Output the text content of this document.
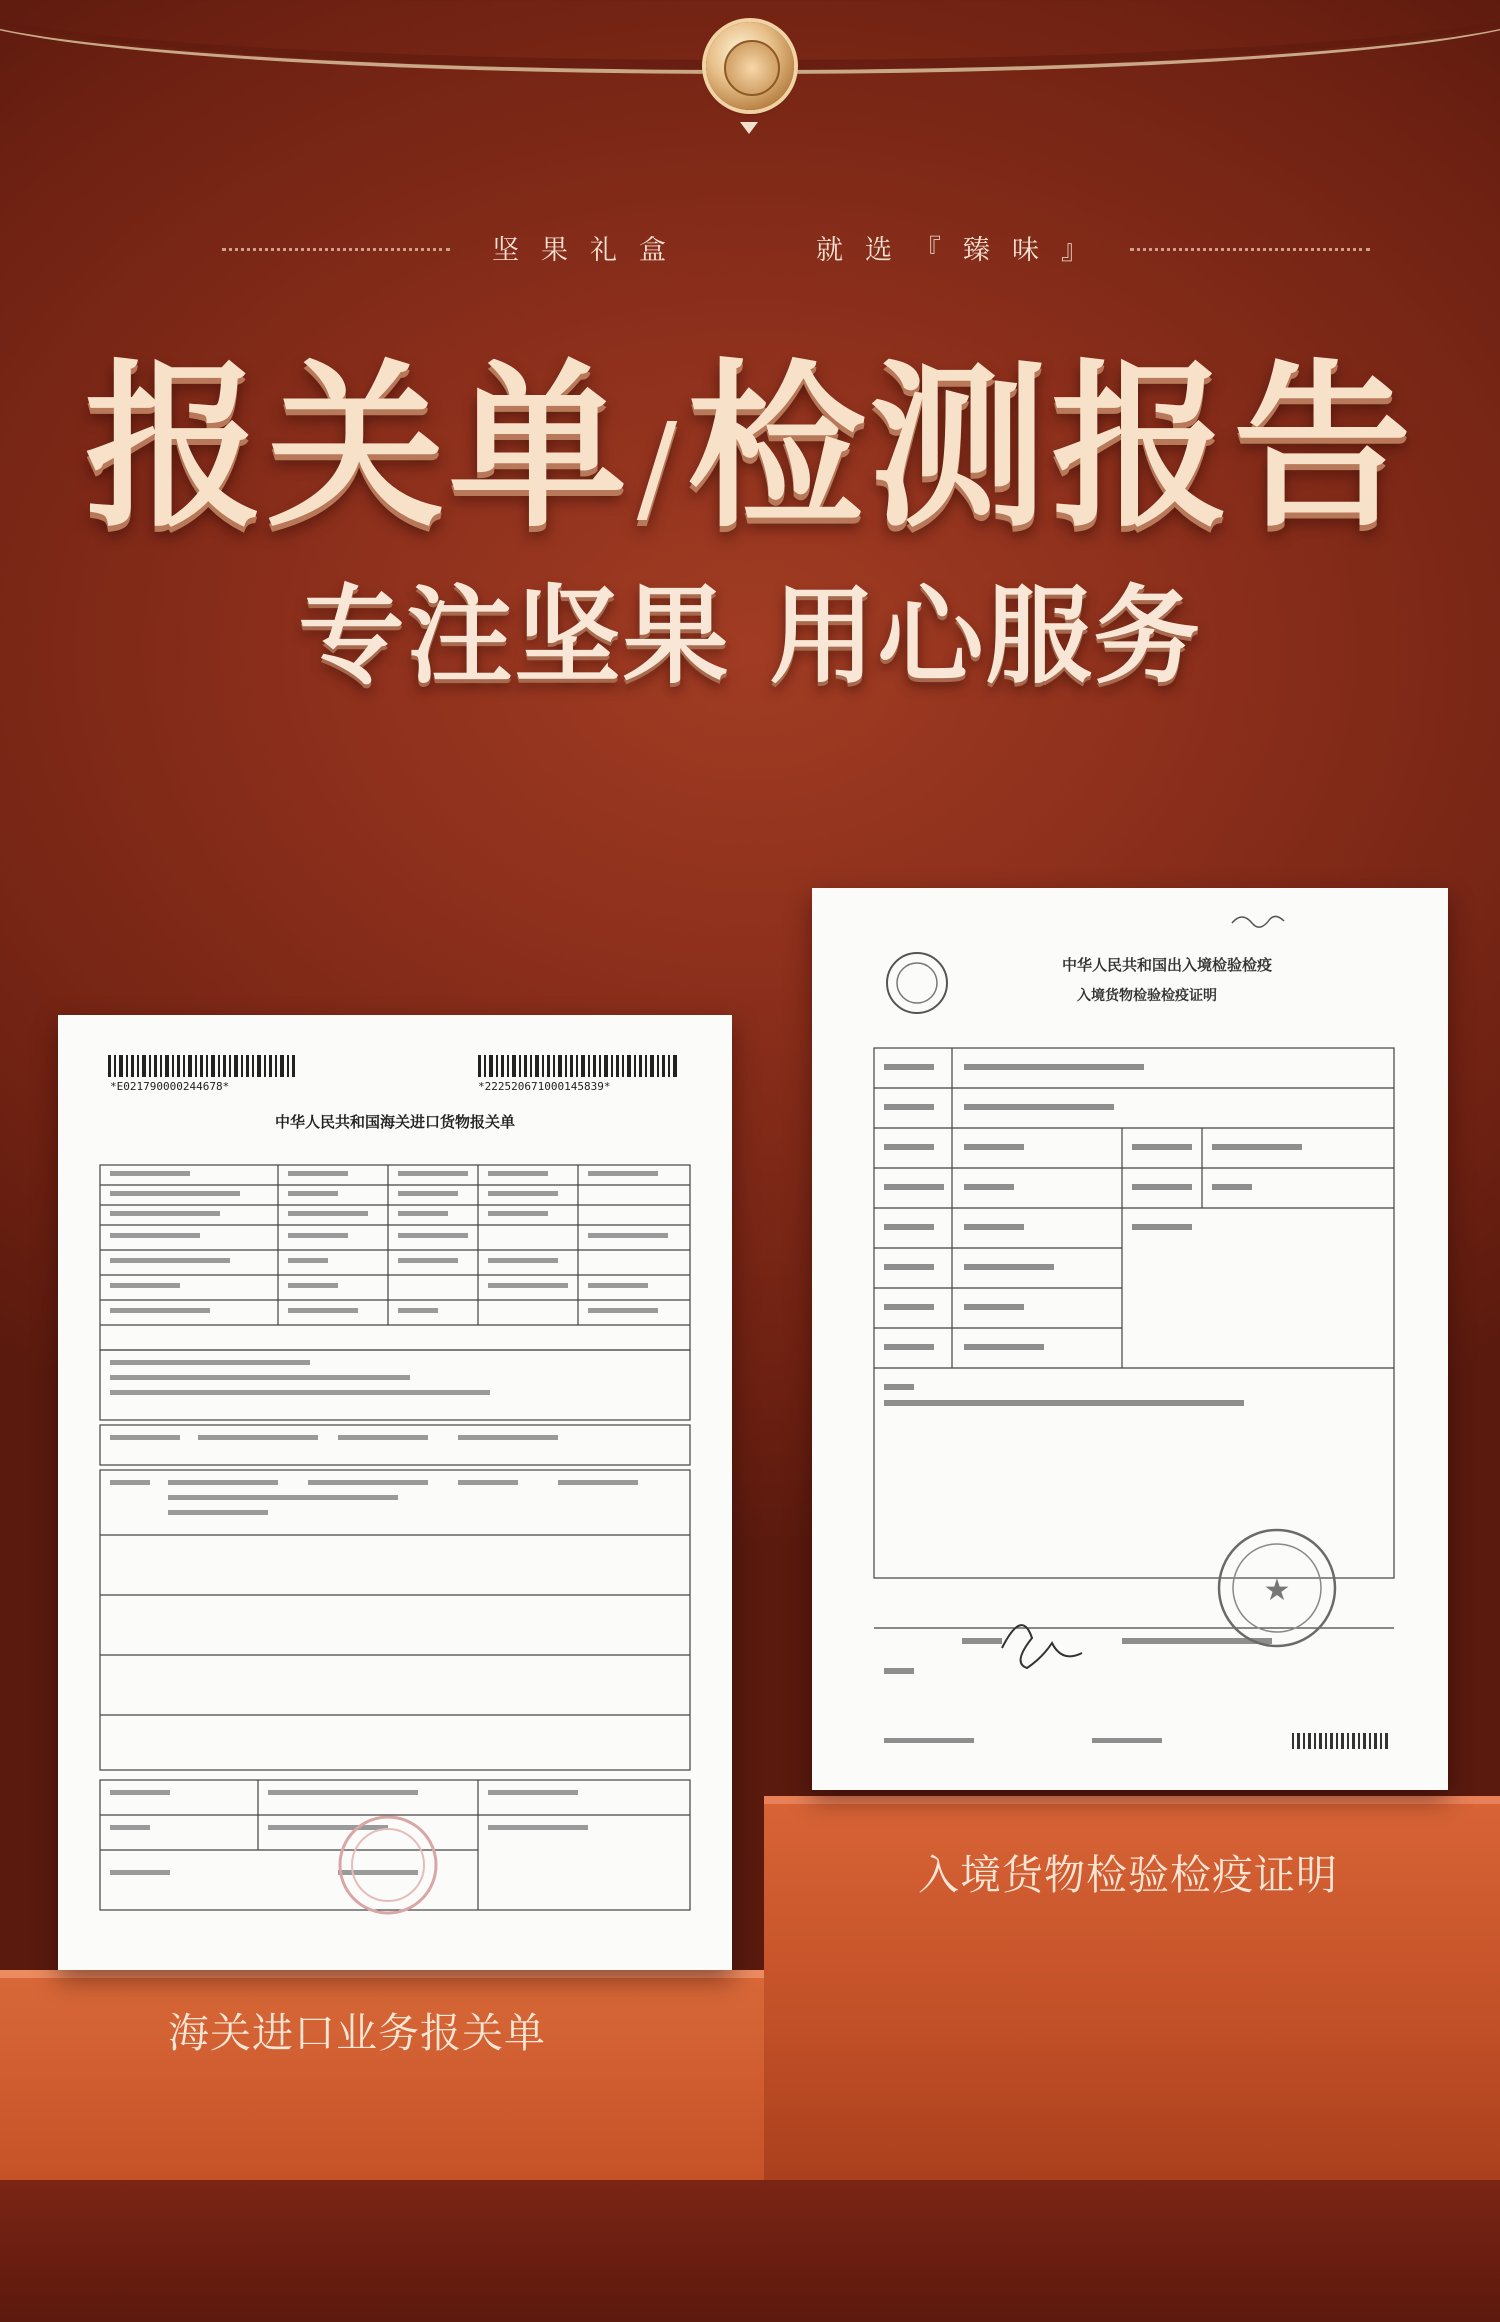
坚果礼盒	就选『臻味』
报关单/检测报告
专注坚果 用心服务
*E021790000244678*	*222520671000145839*
中华人民共和国海关进口货物报关单
中华人民共和国出入境检验检疫
入境货物检验检疫证明
★
入境货物检验检疫证明
海关进口业务报关单
